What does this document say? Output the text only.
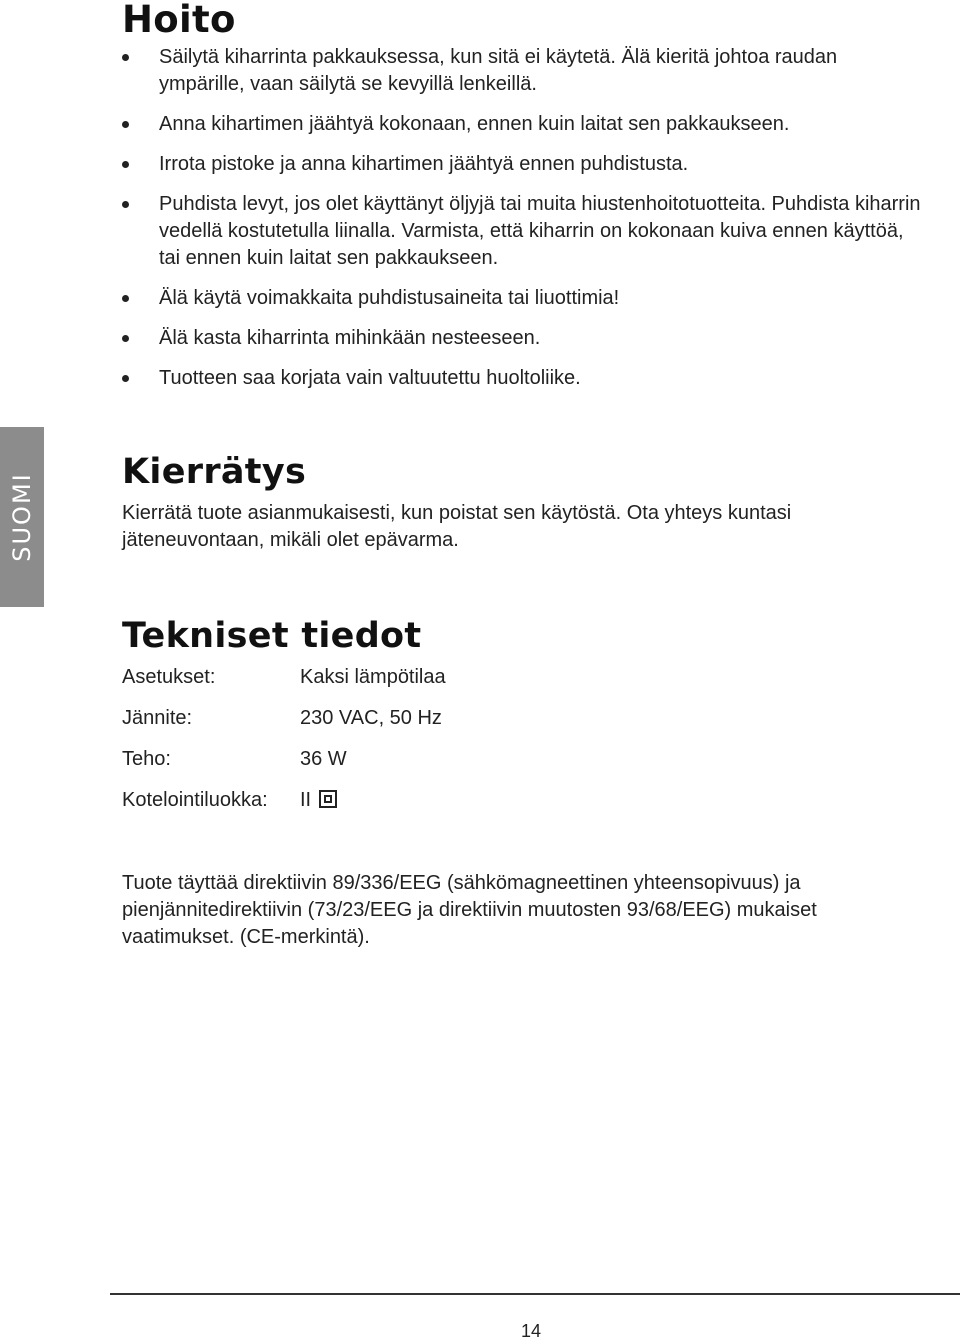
Hoito
Säilytä kiharrinta pakkauksessa, kun sitä ei käytetä. Älä kieritä johtoa raudan ympärille, vaan säilytä se kevyillä lenkeillä.
Anna kihartimen jäähtyä kokonaan, ennen kuin laitat sen pakkaukseen.
Irrota pistoke ja anna kihartimen jäähtyä ennen puhdistusta.
Puhdista levyt, jos olet käyttänyt öljyjä tai muita hiustenhoitotuotteita. Puhdista kiharrin vedellä kostutetulla liinalla. Varmista, että kiharrin on kokonaan kuiva ennen käyttöä, tai ennen kuin laitat sen pakkaukseen.
Älä käytä voimakkaita puhdistusaineita tai liuottimia!
Älä kasta kiharrinta mihinkään nesteeseen.
Tuotteen saa korjata vain valtuutettu huoltoliike.
SUOMI
Kierrätys

Kierrätä tuote asianmukaisesti, kun poistat sen käytöstä. Ota yhteys kuntasi jäteneuvontaan, mikäli olet epävarma.

Tekniset tiedot
Asetukset:	Kaksi lämpötilaa
Jännite:	230 VAC, 50 Hz
Teho:	36 W
Kotelointiluokka: II

Tuote täyttää direktiivin 89/336/EEG (sähkömagneettinen yhteensopivuus) ja pienjännitedirektiivin (73/23/EEG ja direktiivin muutosten 93/68/EEG) mukaiset vaatimukset. (CE-merkintä).

14
